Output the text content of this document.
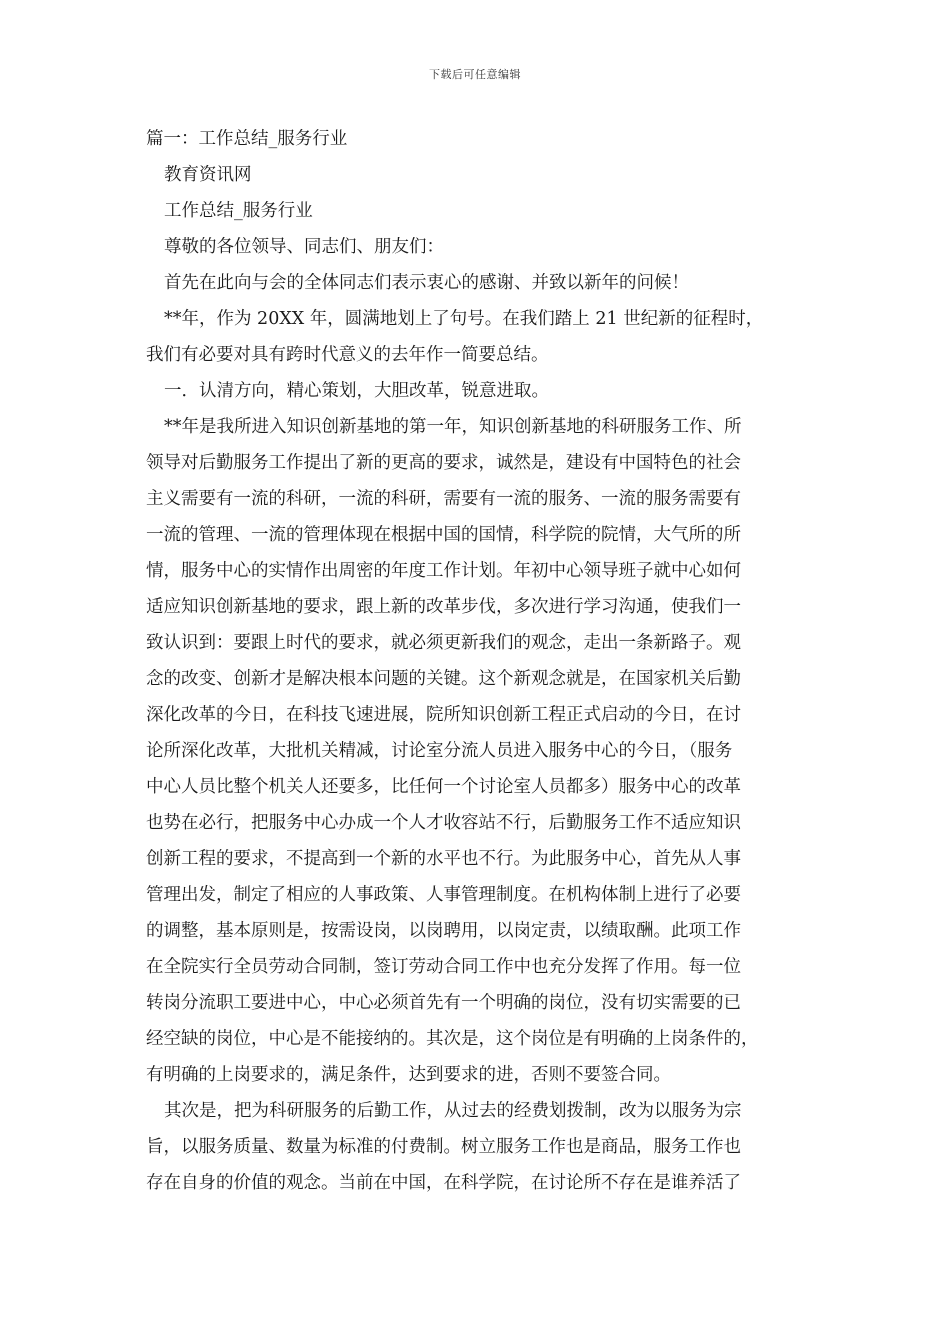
下载后可任意编辑
篇一：工作总结_服务行业
教育资讯网
工作总结_服务行业
尊敬的各位领导、同志们、朋友们：
首先在此向与会的全体同志们表示衷心的感谢、并致以新年的问候！
**年，作为 20XX 年，圆满地划上了句号。在我们踏上 21 世纪新的征程时，
我们有必要对具有跨时代意义的去年作一简要总结。
一．认清方向，精心策划，大胆改革，锐意进取。
**年是我所进入知识创新基地的第一年，知识创新基地的科研服务工作、所
领导对后勤服务工作提出了新的更高的要求，诚然是，建设有中国特色的社会
主义需要有一流的科研，一流的科研，需要有一流的服务、一流的服务需要有
一流的管理、一流的管理体现在根据中国的国情，科学院的院情，大气所的所
情，服务中心的实情作出周密的年度工作计划。年初中心领导班子就中心如何
适应知识创新基地的要求，跟上新的改革步伐，多次进行学习沟通，使我们一
致认识到：要跟上时代的要求，就必须更新我们的观念，走出一条新路子。观
念的改变、创新才是解决根本问题的关键。这个新观念就是，在国家机关后勤
深化改革的今日，在科技飞速进展，院所知识创新工程正式启动的今日，在讨
论所深化改革，大批机关精减，讨论室分流人员进入服务中心的今日，（服务
中心人员比整个机关人还要多，比任何一个讨论室人员都多）服务中心的改革
也势在必行，把服务中心办成一个人才收容站不行，后勤服务工作不适应知识
创新工程的要求，不提高到一个新的水平也不行。为此服务中心，首先从人事
管理出发，制定了相应的人事政策、人事管理制度。在机构体制上进行了必要
的调整，基本原则是，按需设岗，以岗聘用，以岗定责，以绩取酬。此项工作
在全院实行全员劳动合同制，签订劳动合同工作中也充分发挥了作用。每一位
转岗分流职工要进中心，中心必须首先有一个明确的岗位，没有切实需要的已
经空缺的岗位，中心是不能接纳的。其次是，这个岗位是有明确的上岗条件的，
有明确的上岗要求的，满足条件，达到要求的进，否则不要签合同。
其次是，把为科研服务的后勤工作，从过去的经费划拨制，改为以服务为宗
旨，以服务质量、数量为标准的付费制。树立服务工作也是商品，服务工作也
存在自身的价值的观念。当前在中国，在科学院，在讨论所不存在是谁养活了
